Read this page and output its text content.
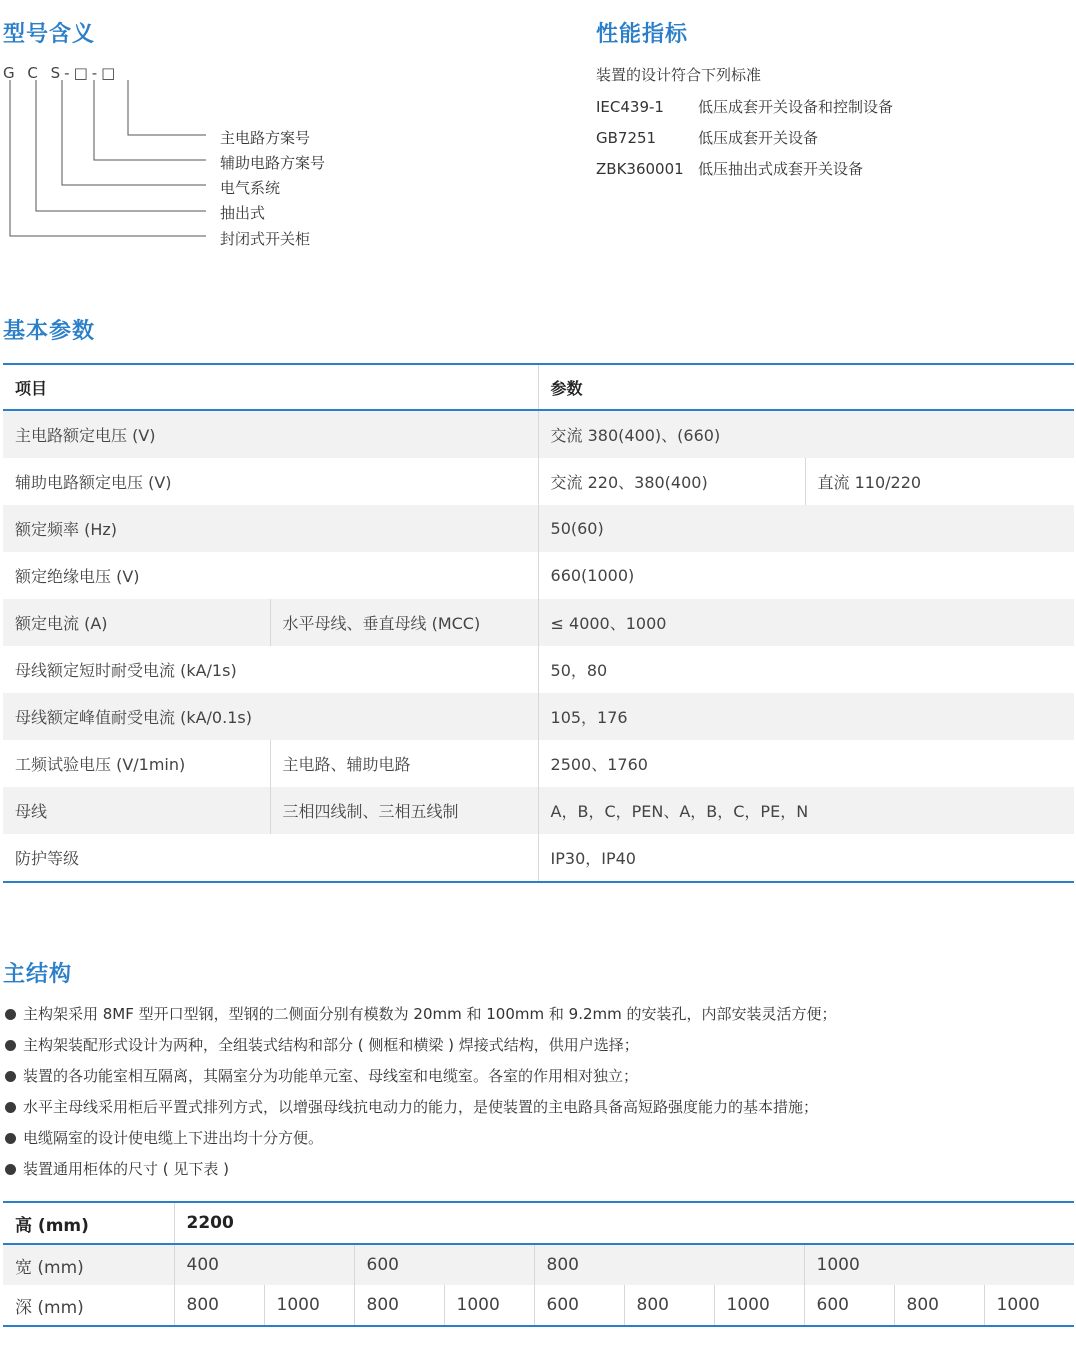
型号含义
G C S-□-□
主电路方案号
辅助电路方案号
电气系统
抽出式
封闭式开关柜
性能指标
装置的设计符合下列标准
IEC439-1 低压成套开关设备和控制设备
GB7251	低压成套开关设备
ZBK360001 低压抽出式成套开关设备
基本参数
项目		参数	
主电路额定电压 (V)		交流 380(400)、(660)	
辅助电路额定电压 (V)		交流 220、380(400)	直流 110/220
额定频率 (Hz)		50(60)	
额定绝缘电压 (V)		660(1000)	
额定电流 (A)	水平母线、垂直母线 (MCC)	≤ 4000、1000	
母线额定短时耐受电流 (kA/1s)		50，80	
母线额定峰值耐受电流 (kA/0.1s)		105，176	
工频试验电压 (V/1min)	主电路、辅助电路	2500、1760	
母线	三相四线制、三相五线制	A，B，C，PEN、A，B，C，PE，N	
防护等级		IP30，IP40	
主结构
主构架采用 8MF 型开口型钢，型钢的二侧面分别有模数为 20mm 和 100mm 和 9.2mm 的安装孔，内部安装灵活方便；
主构架装配形式设计为两种，全组装式结构和部分 ( 侧框和横梁 ) 焊接式结构，供用户选择；
装置的各功能室相互隔离，其隔室分为功能单元室、母线室和电缆室。各室的作用相对独立；
水平主母线采用柜后平置式排列方式，以增强母线抗电动力的能力，是使装置的主电路具备高短路强度能力的基本措施；
电缆隔室的设计使电缆上下进出均十分方便。
装置通用柜体的尺寸 ( 见下表 )
高 (mm)	2200									
宽 (mm)	400		600		800			1000		
深 (mm)	800	1000	800	1000	600	800	1000	600	800	1000
